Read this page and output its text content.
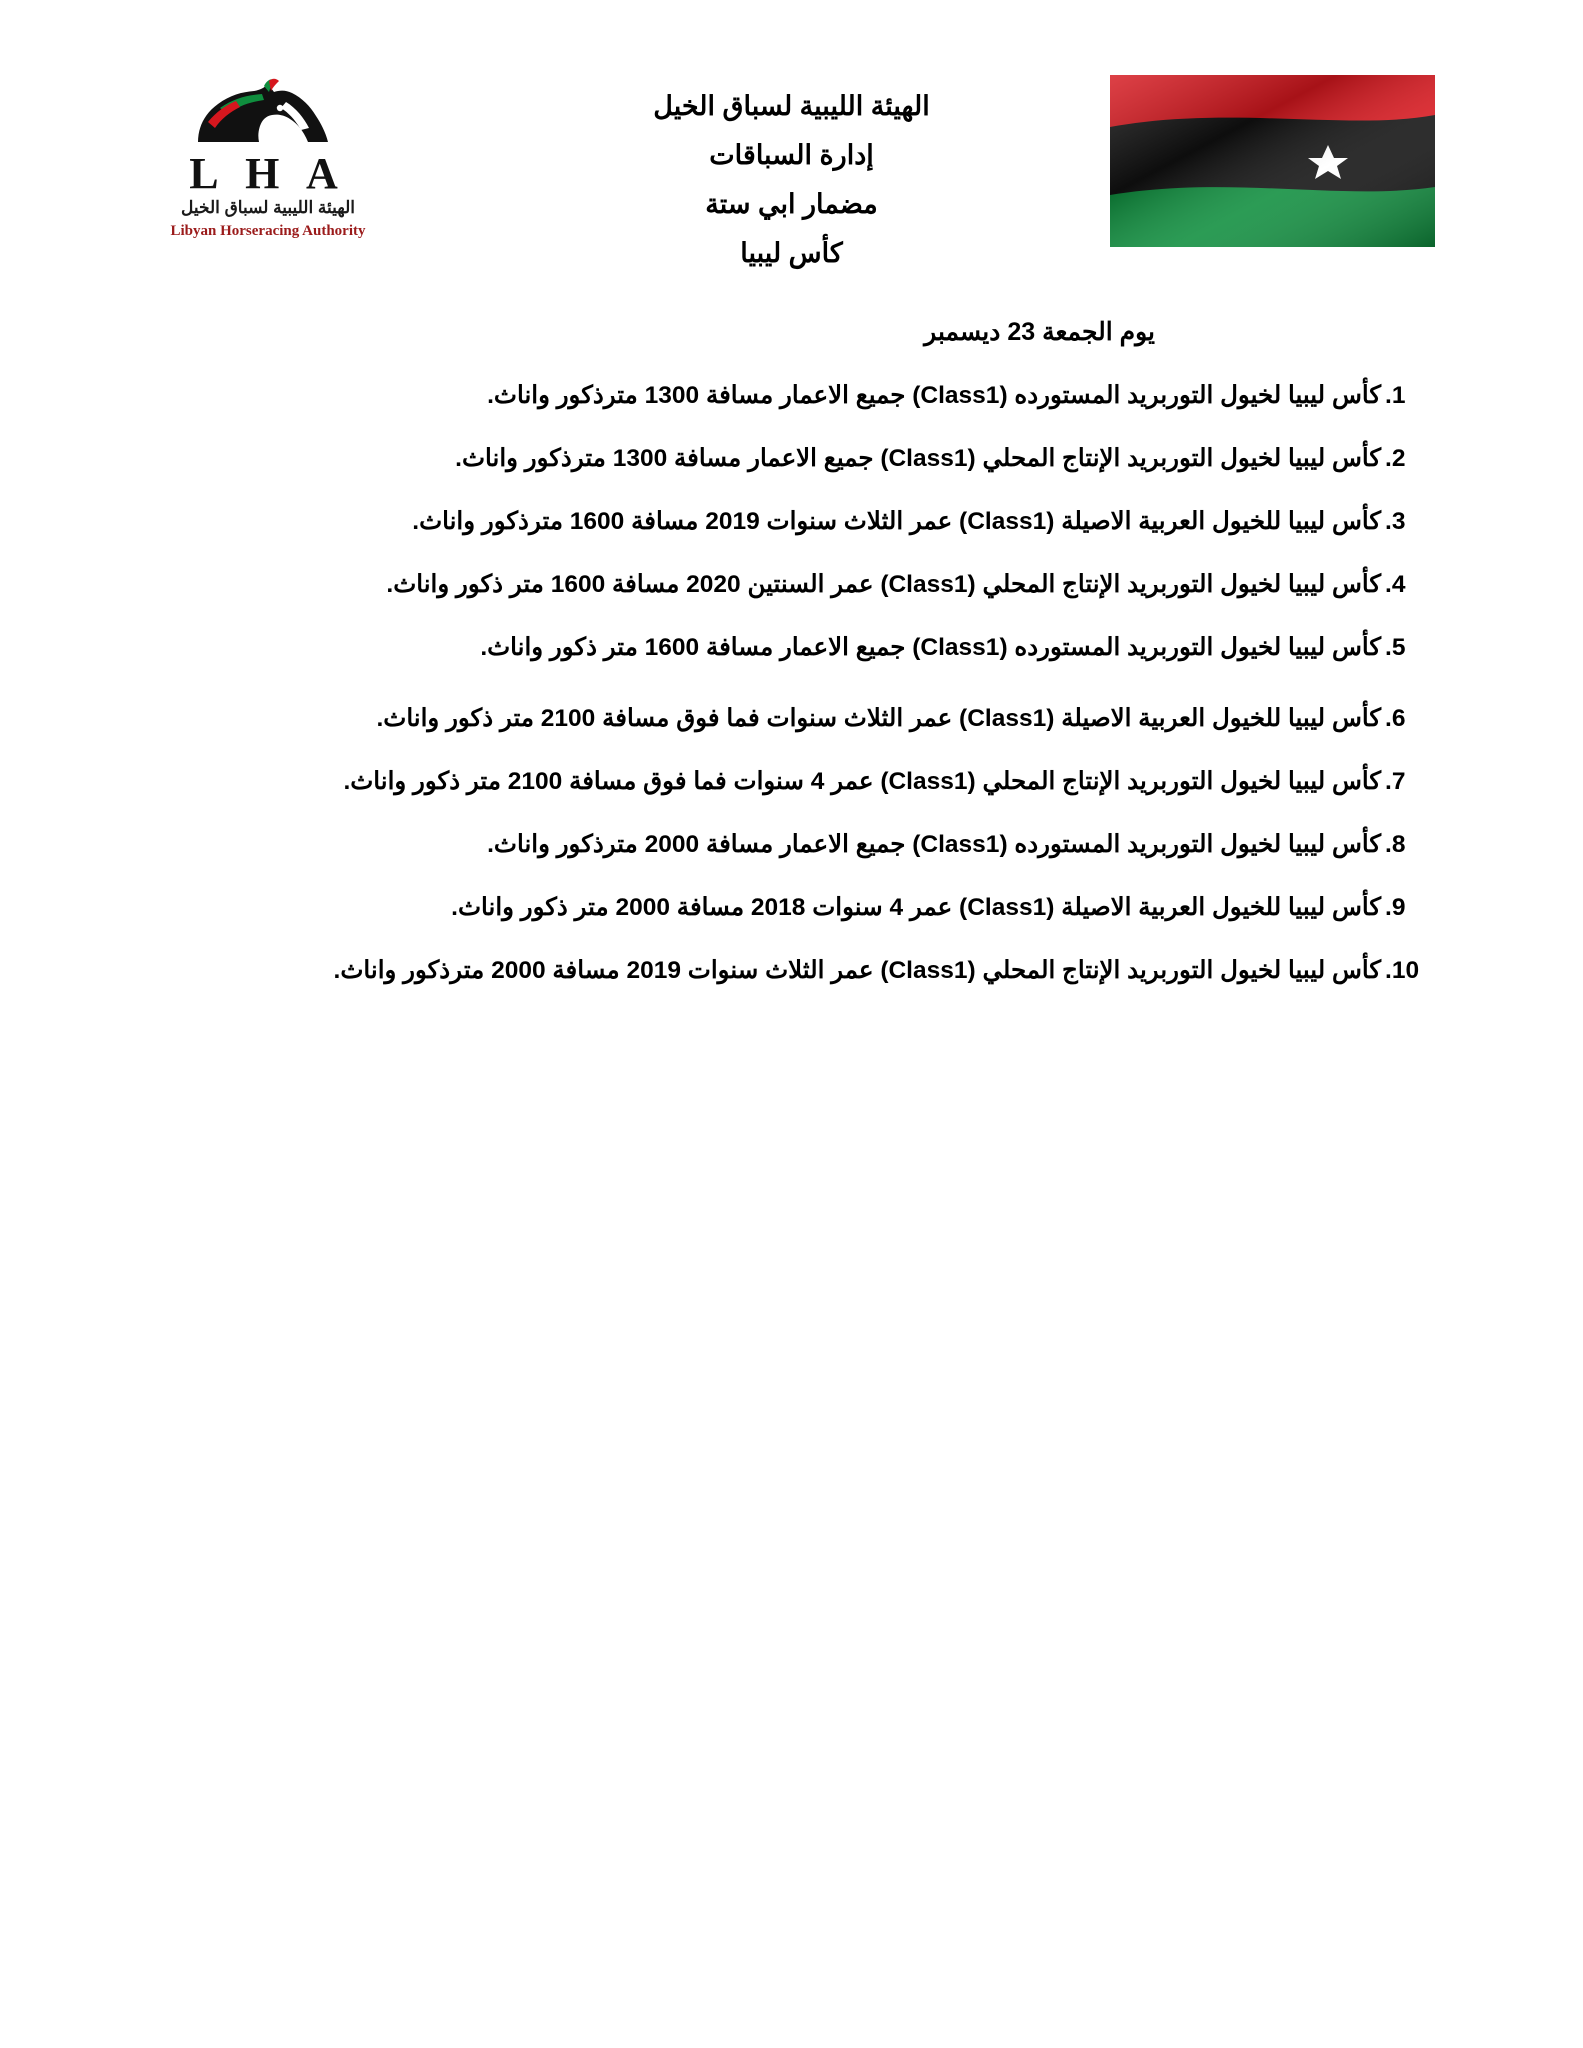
L H A
الهيئة الليبية لسباق الخيل
Libyan Horseracing Authority
الهيئة الليبية لسباق الخيل
إدارة السباقات
مضمار ابي ستة
كأس ليبيا
يوم الجمعة 23 ديسمبر
كأس ليبيا لخيول التوربريد المستورده (Class1) جميع الاعمار مسافة 1300 مترذكور واناث.
كأس ليبيا لخيول التوربريد الإنتاج المحلي (Class1) جميع الاعمار مسافة 1300 مترذكور واناث.
كأس ليبيا للخيول العربية الاصيلة (Class1) عمر الثلاث سنوات 2019 مسافة 1600 مترذكور واناث.
كأس ليبيا لخيول التوربريد الإنتاج المحلي (Class1) عمر السنتين 2020 مسافة 1600 متر ذكور واناث.
كأس ليبيا لخيول التوربريد المستورده (Class1) جميع الاعمار مسافة 1600 متر ذكور واناث.
كأس ليبيا للخيول العربية الاصيلة (Class1) عمر الثلاث سنوات فما فوق مسافة 2100 متر ذكور واناث.
كأس ليبيا لخيول التوربريد الإنتاج المحلي (Class1) عمر 4 سنوات فما فوق مسافة 2100 متر ذكور واناث.
كأس ليبيا لخيول التوربريد المستورده (Class1) جميع الاعمار مسافة 2000 مترذكور واناث.
كأس ليبيا للخيول العربية الاصيلة (Class1) عمر 4 سنوات 2018 مسافة 2000 متر ذكور واناث.
كأس ليبيا لخيول التوربريد الإنتاج المحلي (Class1) عمر الثلاث سنوات 2019 مسافة 2000 مترذكور واناث.
